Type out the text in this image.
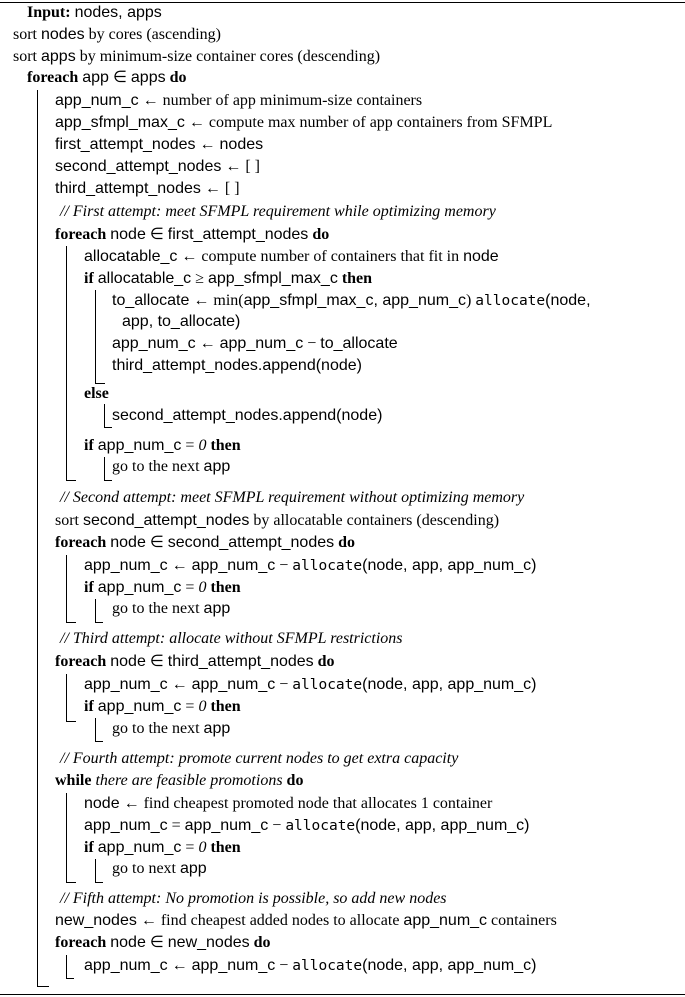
Input: nodes, apps
sort nodes by cores (ascending)
sort apps by minimum-size container cores (descending)
foreach app ∈ apps do
app_num_c ← number of app minimum-size containers
app_sfmpl_max_c ← compute max number of app containers from SFMPL
first_attempt_nodes ← nodes
second_attempt_nodes ← [ ]
third_attempt_nodes ← [ ]
// First attempt: meet SFMPL requirement while optimizing memory
foreach node ∈ first_attempt_nodes do
allocatable_c ← compute number of containers that fit in node
if allocatable_c ≥ app_sfmpl_max_c then
to_allocate ← min(app_sfmpl_max_c, app_num_c) allocate(node,
app, to_allocate)
app_num_c ← app_num_c − to_allocate
third_attempt_nodes.append(node)
else
second_attempt_nodes.append(node)
if app_num_c = 0 then
go to the next app
// Second attempt: meet SFMPL requirement without optimizing memory
sort second_attempt_nodes by allocatable containers (descending)
foreach node ∈ second_attempt_nodes do
app_num_c ← app_num_c − allocate(node, app, app_num_c)
if app_num_c = 0 then
go to the next app
// Third attempt: allocate without SFMPL restrictions
foreach node ∈ third_attempt_nodes do
app_num_c ← app_num_c − allocate(node, app, app_num_c)
if app_num_c = 0 then
go to the next app
// Fourth attempt: promote current nodes to get extra capacity
while there are feasible promotions do
node ← find cheapest promoted node that allocates 1 container
app_num_c = app_num_c − allocate(node, app, app_num_c)
if app_num_c = 0 then
go to next app
// Fifth attempt: No promotion is possible, so add new nodes
new_nodes ← find cheapest added nodes to allocate app_num_c containers
foreach node ∈ new_nodes do
app_num_c ← app_num_c − allocate(node, app, app_num_c)
